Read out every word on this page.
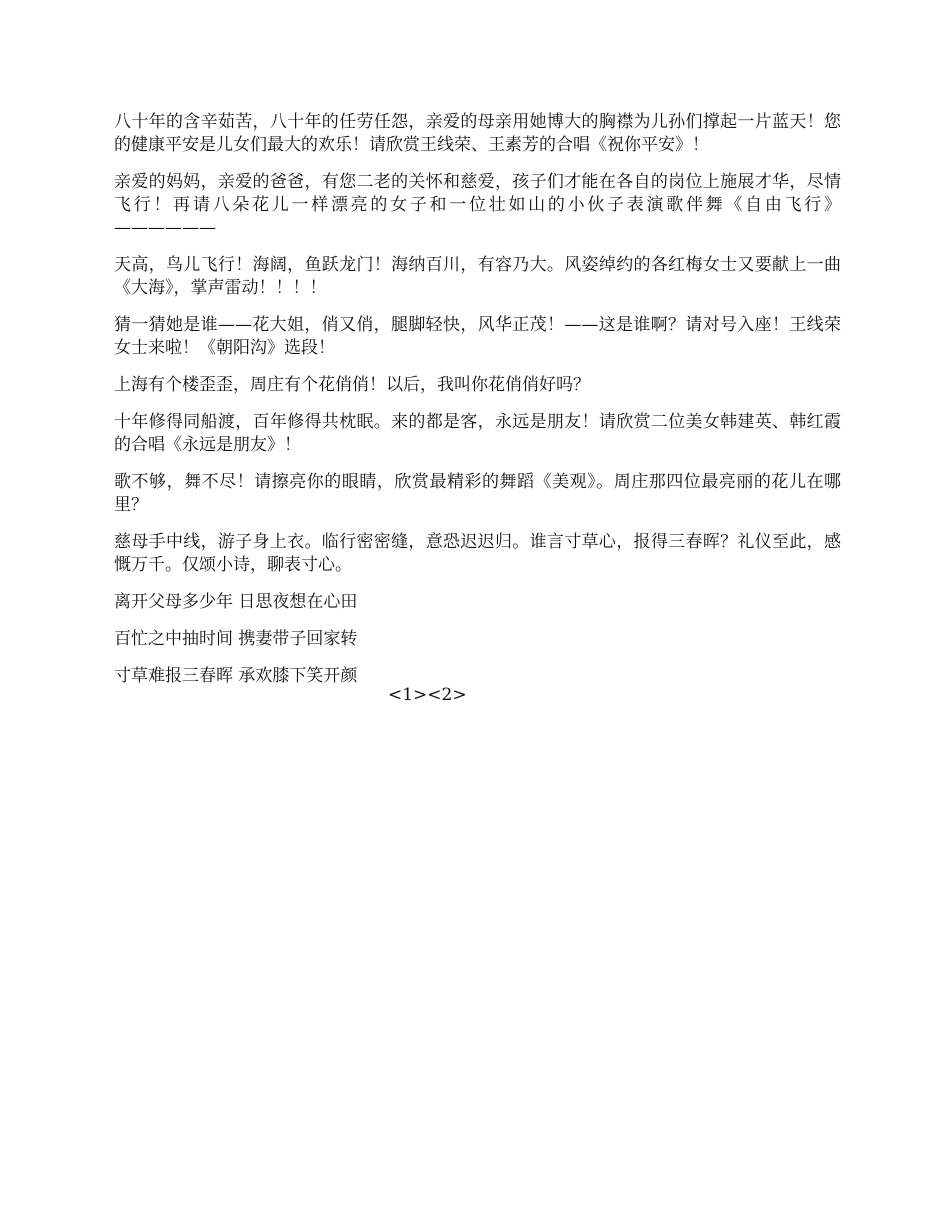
八十年的含辛茹苦，八十年的任劳任怨，亲爱的母亲用她博大的胸襟为儿孙们撑起一片蓝天！您的健康平安是儿女们最大的欢乐！请欣赏王线荣、王素芳的合唱《祝你平安》！

亲爱的妈妈，亲爱的爸爸，有您二老的关怀和慈爱，孩子们才能在各自的岗位上施展才华，尽情飞行！再请八朵花儿一样漂亮的女子和一位壮如山的小伙子表演歌伴舞《自由飞行》——————

天高，鸟儿飞行！海阔，鱼跃龙门！海纳百川，有容乃大。风姿绰约的各红梅女士又要献上一曲《大海》，掌声雷动！！！！

猜一猜她是谁——花大姐，俏又俏，腿脚轻快，风华正茂！——这是谁啊？请对号入座！王线荣女士来啦！《朝阳沟》选段！

上海有个楼歪歪，周庄有个花俏俏！以后，我叫你花俏俏好吗？

十年修得同船渡，百年修得共枕眠。来的都是客，永远是朋友！请欣赏二位美女韩建英、韩红霞的合唱《永远是朋友》！

歌不够，舞不尽！请擦亮你的眼睛，欣赏最精彩的舞蹈《美观》。周庄那四位最亮丽的花儿在哪里？

慈母手中线，游子身上衣。临行密密缝，意恐迟迟归。谁言寸草心，报得三春晖？礼仪至此，感慨万千。仅颂小诗，聊表寸心。

离开父母多少年 日思夜想在心田

百忙之中抽时间 携妻带子回家转

寸草难报三春晖 承欢膝下笑开颜

<1><2>
